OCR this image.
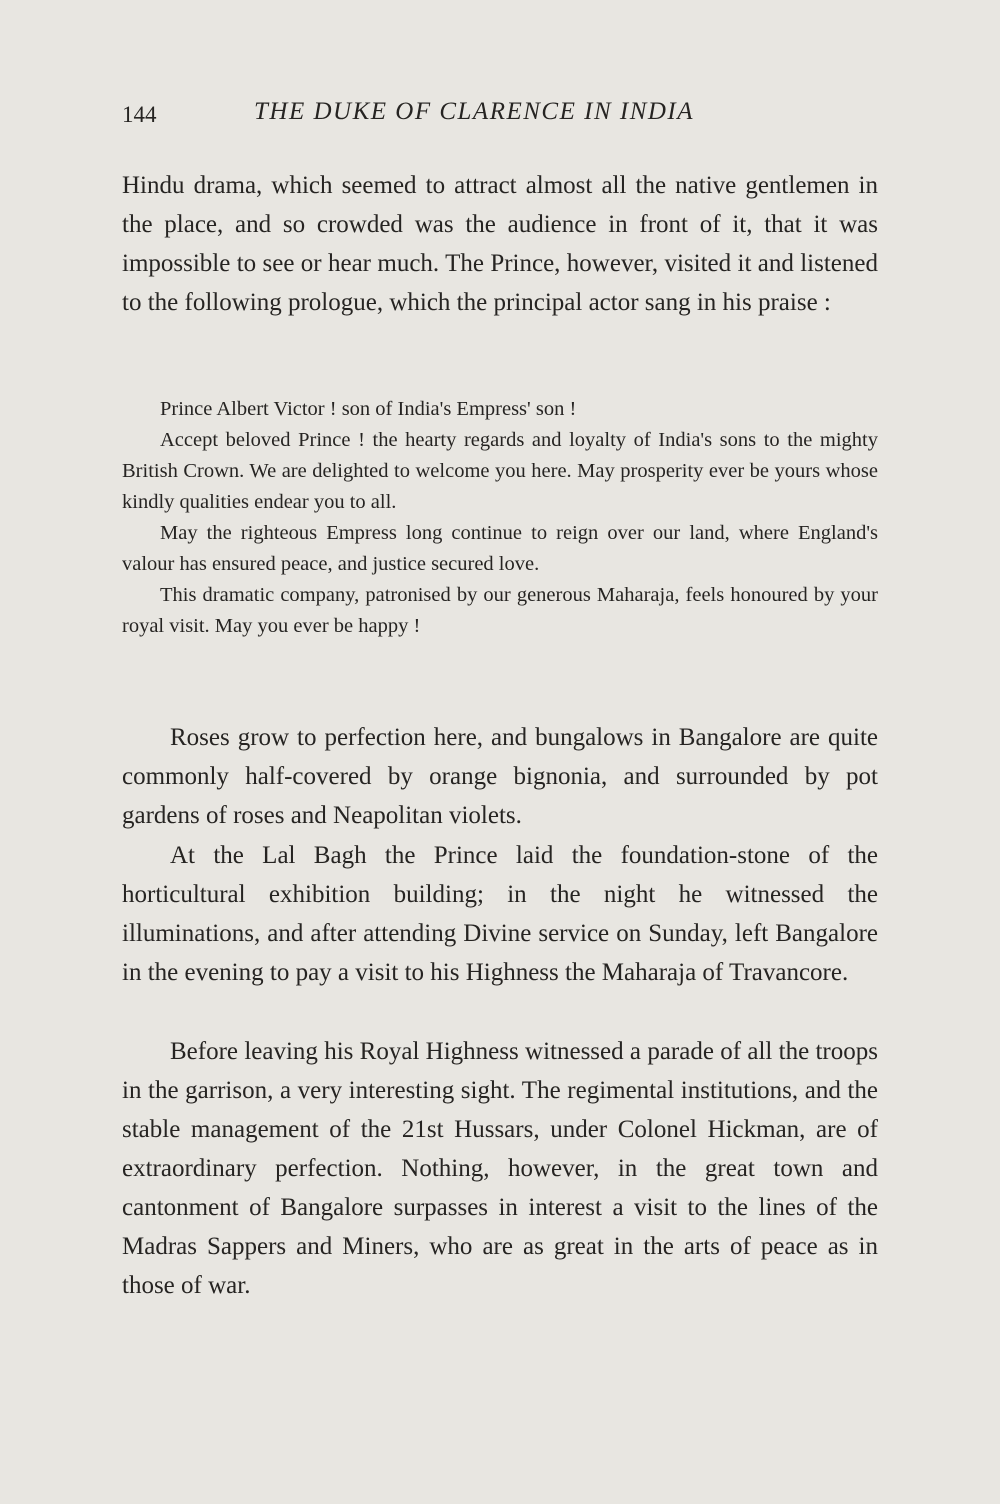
144	THE DUKE OF CLARENCE IN INDIA

Hindu drama, which seemed to attract almost all the native gentlemen in the place, and so crowded was the audience in front of it, that it was impossible to see or hear much. The Prince, however, visited it and listened to the following prologue, which the principal actor sang in his praise :

Prince Albert Victor ! son of India's Empress' son !

Accept beloved Prince ! the hearty regards and loyalty of India's sons to the mighty British Crown. We are delighted to welcome you here. May prosperity ever be yours whose kindly qualities endear you to all.

May the righteous Empress long continue to reign over our land, where England's valour has ensured peace, and justice secured love.

This dramatic company, patronised by our generous Maharaja, feels honoured by your royal visit. May you ever be happy !

Roses grow to perfection here, and bungalows in Bangalore are quite commonly half-covered by orange bignonia, and surrounded by pot gardens of roses and Neapolitan violets.

At the Lal Bagh the Prince laid the foundation-stone of the horticultural exhibition building; in the night he witnessed the illuminations, and after attending Divine service on Sunday, left Bangalore in the evening to pay a visit to his Highness the Maharaja of Travancore.

Before leaving his Royal Highness witnessed a parade of all the troops in the garrison, a very interesting sight. The regimental institutions, and the stable management of the 21st Hussars, under Colonel Hickman, are of extraordinary perfection. Nothing, however, in the great town and cantonment of Bangalore surpasses in interest a visit to the lines of the Madras Sappers and Miners, who are as great in the arts of peace as in those of war.
